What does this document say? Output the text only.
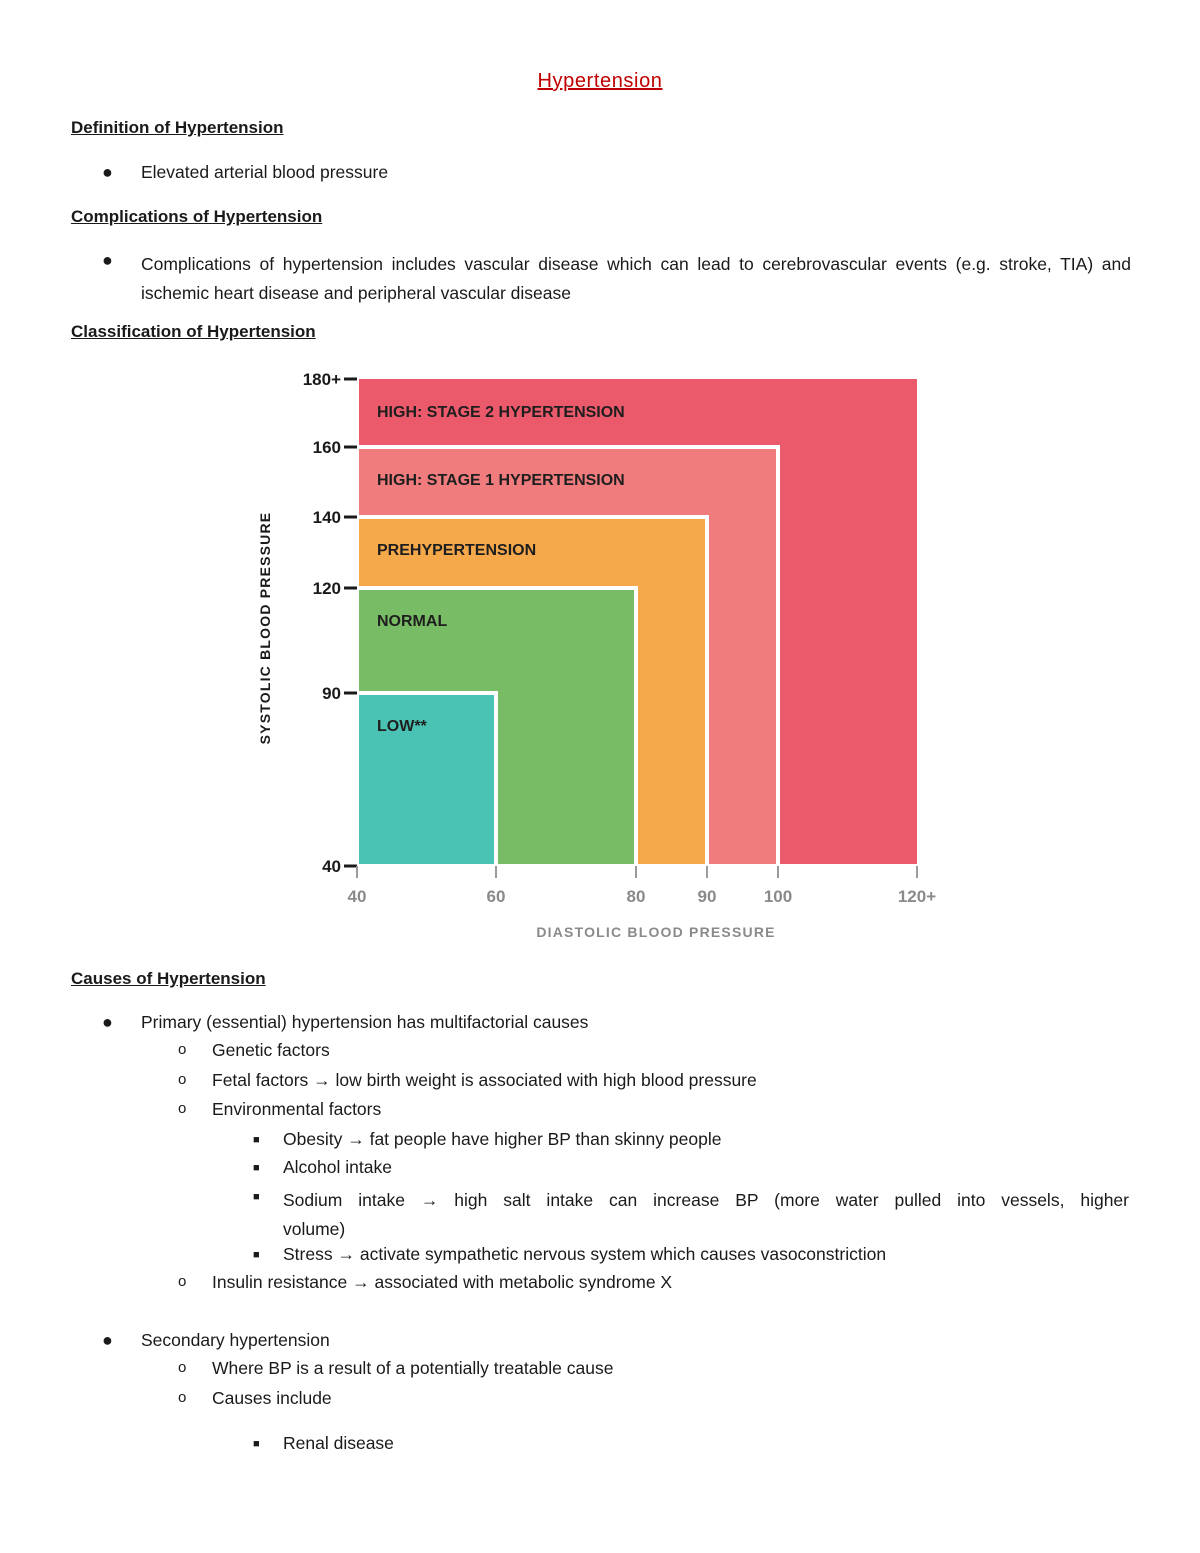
Hypertension
Definition of Hypertension
● Elevated arterial blood pressure
Complications of Hypertension
● Complications of hypertension includes vascular disease which can lead to cerebrovascular events (e.g. stroke, TIA) and ischemic heart disease and peripheral vascular disease
Classification of Hypertension
HIGH: STAGE 2 HYPERTENSION
HIGH: STAGE 1 HYPERTENSION
PREHYPERTENSION
NORMAL
LOW**
40
90
120
140
160
180+
40	60	80	90	100	120+
DIASTOLIC BLOOD PRESSURE
SYSTOLIC BLOOD PRESSURE
Causes of Hypertension
● Primary (essential) hypertension has multifactorial causes
o Genetic factors
o Fetal factors → low birth weight is associated with high blood pressure
o Environmental factors
■ Obesity → fat people have higher BP than skinny people
■ Alcohol intake
■ Sodium intake → high salt intake can increase BP (more water pulled into vessels, higher volume)
■ Stress → activate sympathetic nervous system which causes vasoconstriction
o Insulin resistance → associated with metabolic syndrome X
● Secondary hypertension
o Where BP is a result of a potentially treatable cause
o Causes include
■ Renal disease
